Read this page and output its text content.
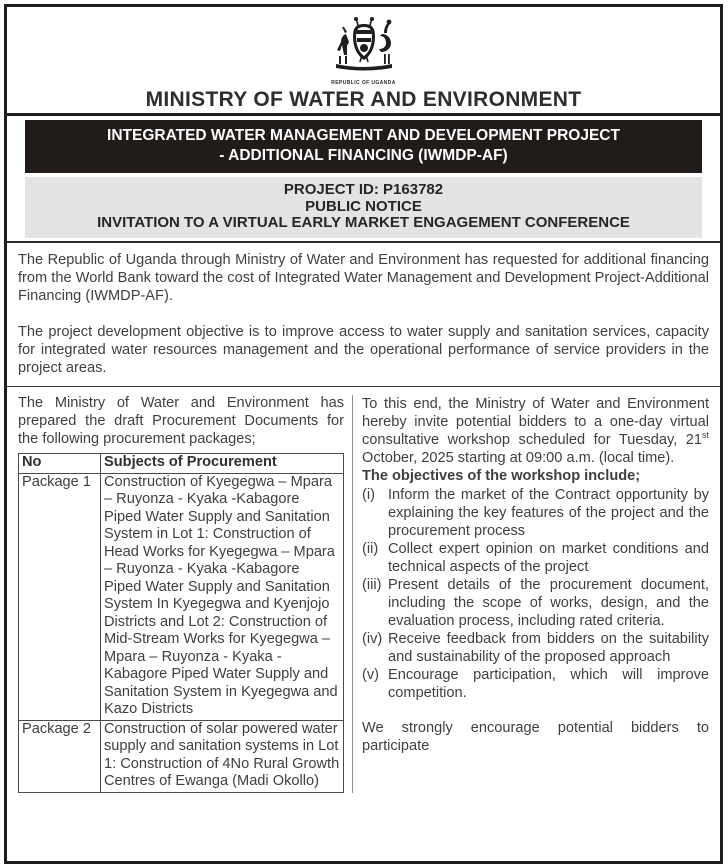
REPUBLIC OF UGANDA
MINISTRY OF WATER AND ENVIRONMENT
INTEGRATED WATER MANAGEMENT AND DEVELOPMENT PROJECT
- ADDITIONAL FINANCING (IWMDP-AF)
PROJECT ID: P163782
PUBLIC NOTICE
INVITATION TO A VIRTUAL EARLY MARKET ENGAGEMENT CONFERENCE

The Republic of Uganda through Ministry of Water and Environment has requested for additional financing from the World Bank toward the cost of Integrated Water Management and Development Project-Additional Financing (IWMDP-AF).

The project development objective is to improve access to water supply and sanitation services, capacity for integrated water resources management and the operational performance of service providers in the project areas.

The Ministry of Water and Environment has prepared the draft Procurement Documents for the following procurement packages;

No	Subjects of Procurement
Package 1	Construction of Kyegegwa – Mpara – Ruyonza - Kyaka -Kabagore Piped Water Supply and Sanitation System in Lot 1: Construction of Head Works for Kyegegwa – Mpara – Ruyonza - Kyaka -Kabagore Piped Water Supply and Sanitation System In Kyegegwa and Kyenjojo Districts and Lot 2: Construction of Mid-Stream Works for Kyegegwa – Mpara – Ruyonza - Kyaka -Kabagore Piped Water Supply and Sanitation System in Kyegegwa and Kazo Districts
Package 2	Construction of solar powered water supply and sanitation systems in Lot 1: Construction of 4No Rural Growth Centres of Ewanga (Madi Okollo)

To this end, the Ministry of Water and Environment hereby invite potential bidders to a one-day virtual consultative workshop scheduled for Tuesday, 21st October, 2025 starting at 09:00 a.m. (local time).

The objectives of the workshop include;

(i) Inform the market of the Contract opportunity by explaining the key features of the project and the procurement process
(ii) Collect expert opinion on market conditions and technical aspects of the project
(iii) Present details of the procurement document, including the scope of works, design, and the evaluation process, including rated criteria.
(iv) Receive feedback from bidders on the suitability and sustainability of the proposed approach
(v) Encourage participation, which will improve competition.

We strongly encourage potential bidders to participate
